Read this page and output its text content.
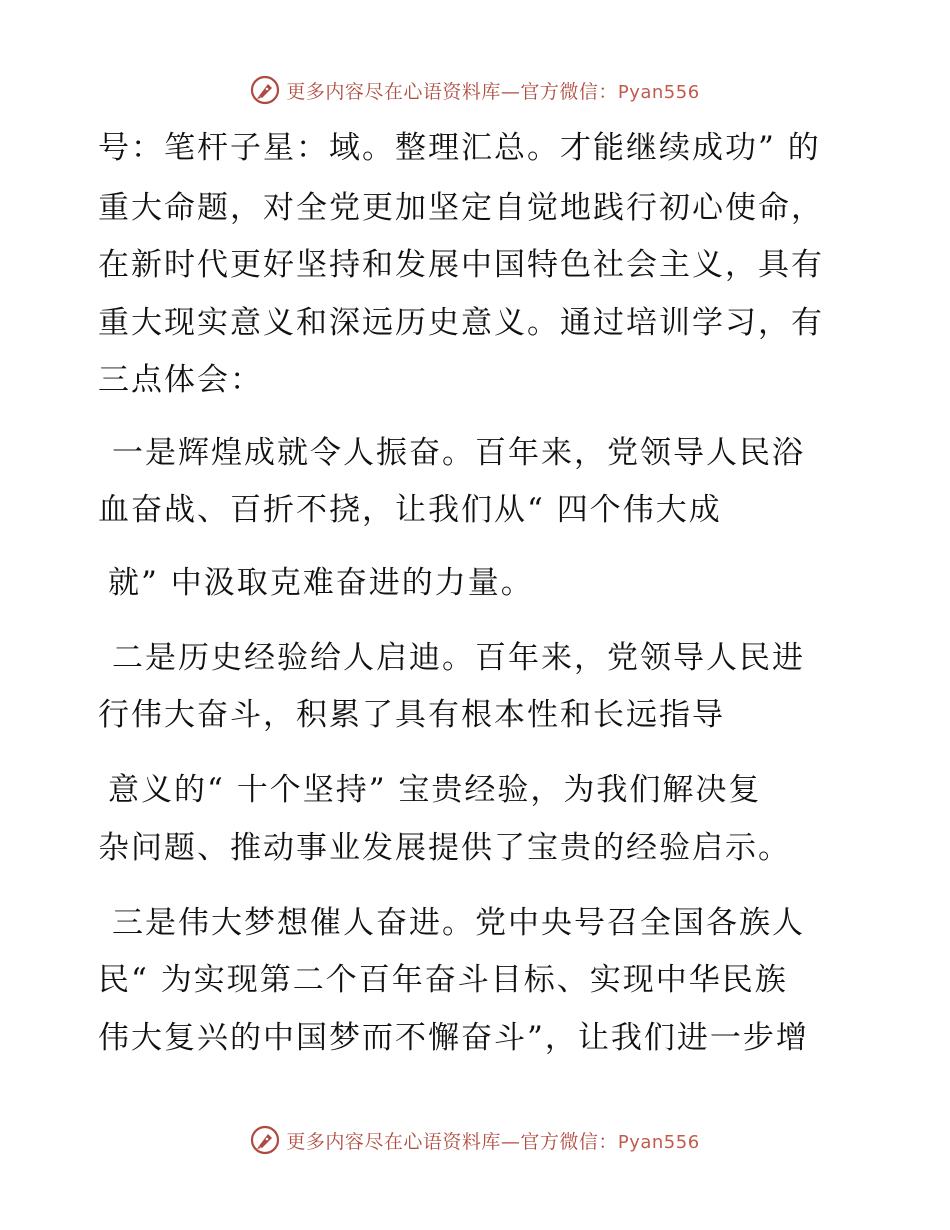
更多内容尽在心语资料库—官方微信：Pyan556
号：笔杆子星：域。整理汇总。才能继续成功” 的
重大命题，对全党更加坚定自觉地践行初心使命，
在新时代更好坚持和发展中国特色社会主义，具有
重大现实意义和深远历史意义。通过培训学习，有
三点体会：
一是辉煌成就令人振奋。百年来，党领导人民浴
血奋战、百折不挠，让我们从“ 四个伟大成
就” 中汲取克难奋进的力量。
二是历史经验给人启迪。百年来，党领导人民进
行伟大奋斗，积累了具有根本性和长远指导
意义的“ 十个坚持” 宝贵经验，为我们解决复
杂问题、推动事业发展提供了宝贵的经验启示。
三是伟大梦想催人奋进。党中央号召全国各族人
民“ 为实现第二个百年奋斗目标、实现中华民族
伟大复兴的中国梦而不懈奋斗”，让我们进一步增
更多内容尽在心语资料库—官方微信：Pyan556
